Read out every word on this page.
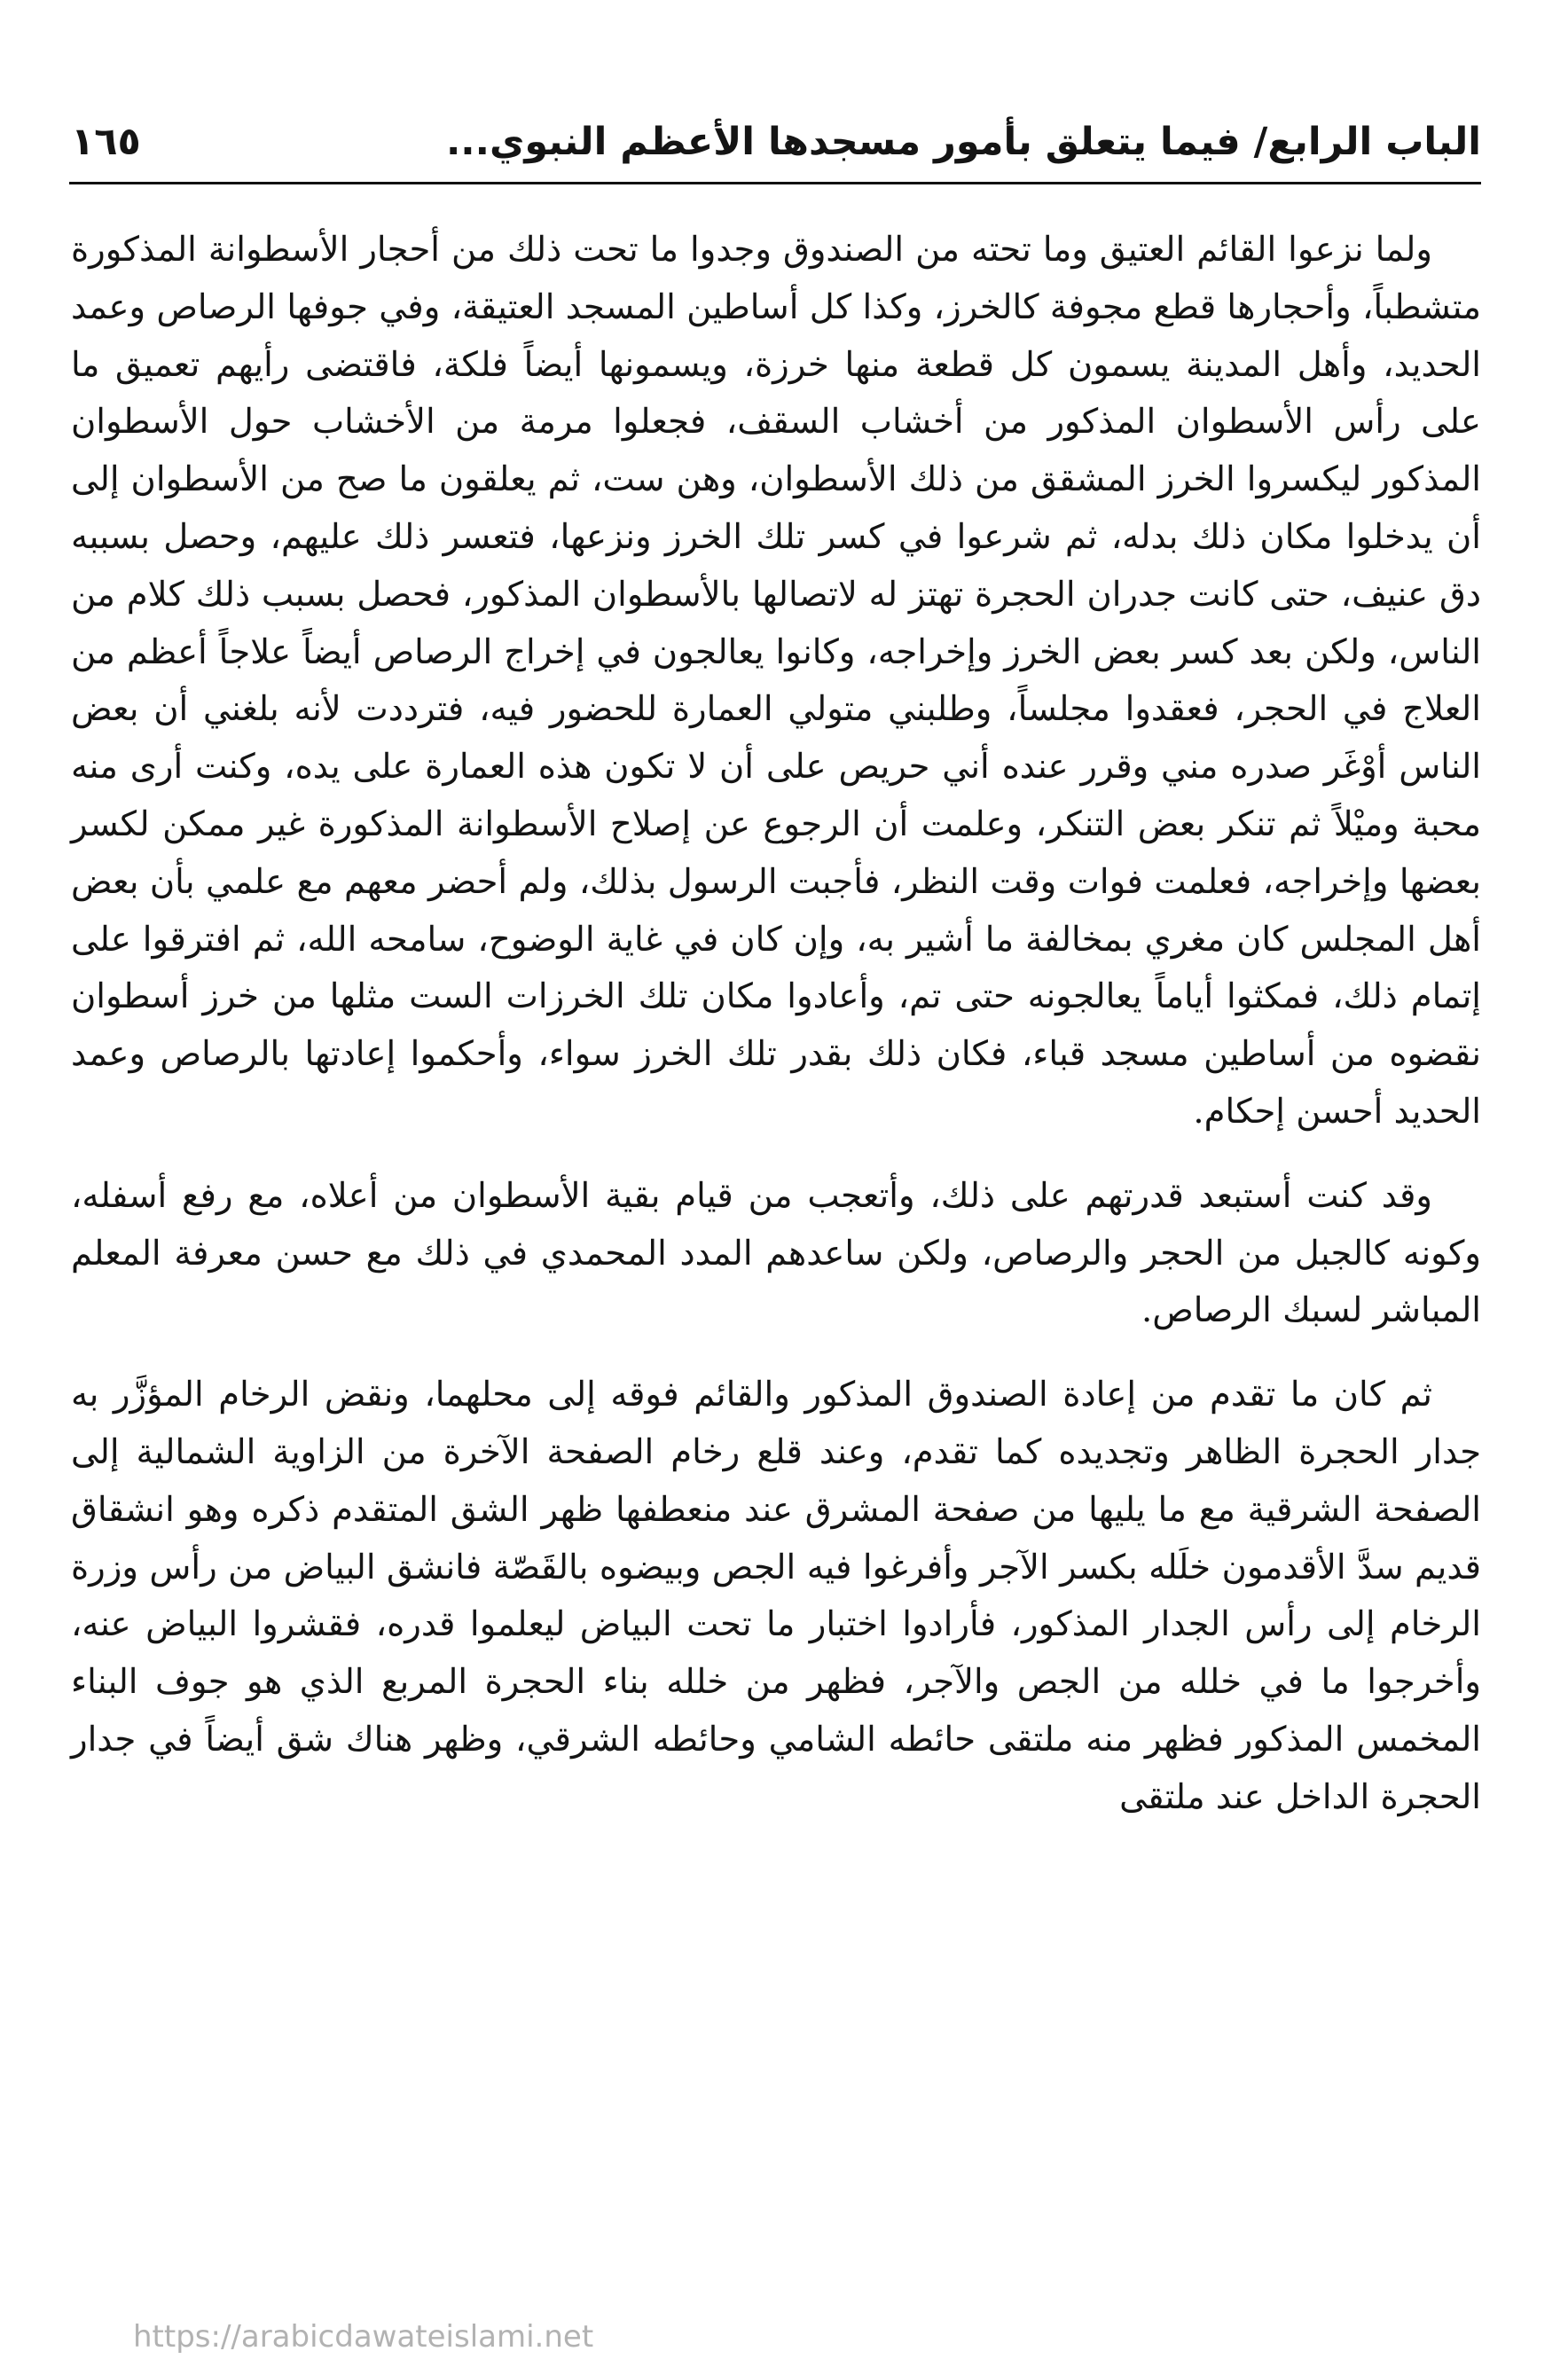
الباب الرابع/ فيما يتعلق بأمور مسجدها الأعظم النبوي...
١٦٥

ولما نزعوا القائم العتيق وما تحته من الصندوق وجدوا ما تحت ذلك من أحجار الأسطوانة المذكورة متشطباً، وأحجارها قطع مجوفة كالخرز، وكذا كل أساطين المسجد العتيقة، وفي جوفها الرصاص وعمد الحديد، وأهل المدينة يسمون كل قطعة منها خرزة، ويسمونها أيضاً فلكة، فاقتضى رأيهم تعميق ما على رأس الأسطوان المذكور من أخشاب السقف، فجعلوا مرمة من الأخشاب حول الأسطوان المذكور ليكسروا الخرز المشقق من ذلك الأسطوان، وهن ست، ثم يعلقون ما صح من الأسطوان إلى أن يدخلوا مكان ذلك بدله، ثم شرعوا في كسر تلك الخرز ونزعها، فتعسر ذلك عليهم، وحصل بسببه دق عنيف، حتى كانت جدران الحجرة تهتز له لاتصالها بالأسطوان المذكور، فحصل بسبب ذلك كلام من الناس، ولكن بعد كسر بعض الخرز وإخراجه، وكانوا يعالجون في إخراج الرصاص أيضاً علاجاً أعظم من العلاج في الحجر، فعقدوا مجلساً، وطلبني متولي العمارة للحضور فيه، فترددت لأنه بلغني أن بعض الناس أوْغَر صدره مني وقرر عنده أني حريص على أن لا تكون هذه العمارة على يده، وكنت أرى منه محبة وميْلاً ثم تنكر بعض التنكر، وعلمت أن الرجوع عن إصلاح الأسطوانة المذكورة غير ممكن لكسر بعضها وإخراجه، فعلمت فوات وقت النظر، فأجبت الرسول بذلك، ولم أحضر معهم مع علمي بأن بعض أهل المجلس كان مغري بمخالفة ما أشير به، وإن كان في غاية الوضوح، سامحه الله، ثم افترقوا على إتمام ذلك، فمكثوا أياماً يعالجونه حتى تم، وأعادوا مكان تلك الخرزات الست مثلها من خرز أسطوان نقضوه من أساطين مسجد قباء، فكان ذلك بقدر تلك الخرز سواء، وأحكموا إعادتها بالرصاص وعمد الحديد أحسن إحكام.

وقد كنت أستبعد قدرتهم على ذلك، وأتعجب من قيام بقية الأسطوان من أعلاه، مع رفع أسفله، وكونه كالجبل من الحجر والرصاص، ولكن ساعدهم المدد المحمدي في ذلك مع حسن معرفة المعلم المباشر لسبك الرصاص.

ثم كان ما تقدم من إعادة الصندوق المذكور والقائم فوقه إلى محلهما، ونقض الرخام المؤزَّر به جدار الحجرة الظاهر وتجديده كما تقدم، وعند قلع رخام الصفحة الآخرة من الزاوية الشمالية إلى الصفحة الشرقية مع ما يليها من صفحة المشرق عند منعطفها ظهر الشق المتقدم ذكره وهو انشقاق قديم سدَّ الأقدمون خلَله بكسر الآجر وأفرغوا فيه الجص وبيضوه بالقَصّة فانشق البياض من رأس وزرة الرخام إلى رأس الجدار المذكور، فأرادوا اختبار ما تحت البياض ليعلموا قدره، فقشروا البياض عنه، وأخرجوا ما في خلله من الجص والآجر، فظهر من خلله بناء الحجرة المربع الذي هو جوف البناء المخمس المذكور فظهر منه ملتقى حائطه الشامي وحائطه الشرقي، وظهر هناك شق أيضاً في جدار الحجرة الداخل عند ملتقى

https://arabicdawateislami.net
